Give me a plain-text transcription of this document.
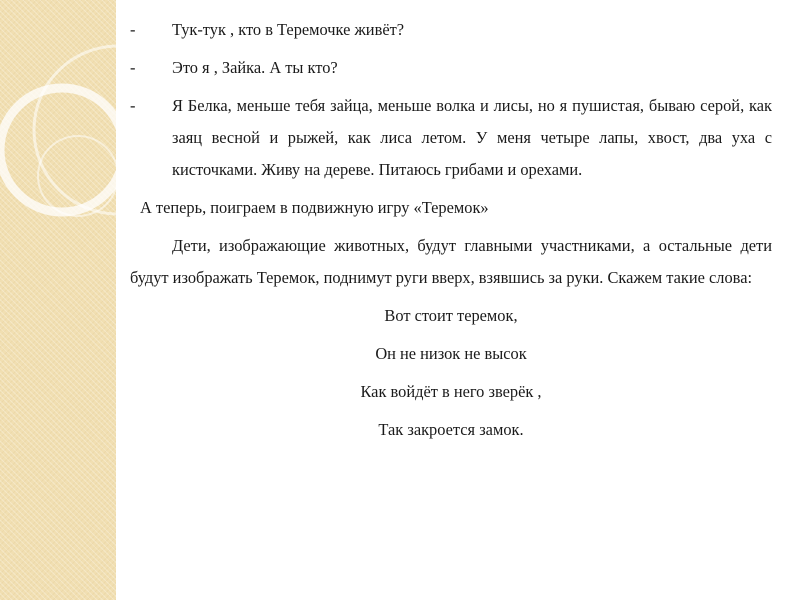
-	Тук-тук , кто в Теремочке живёт?
-	Это я , Зайка. А ты кто?
-	Я Белка, меньше тебя зайца, меньше волка и лисы, но я пушистая, бываю серой, как заяц весной и рыжей, как лиса летом. У меня четыре лапы, хвост, два уха с кисточками. Живу на дереве. Питаюсь грибами и орехами.
А теперь, поиграем в подвижную игру «Теремок»
Дети, изображающие животных, будут главными участниками, а остальные дети будут изображать Теремок, поднимут руги вверх, взявшись за руки. Скажем такие слова:
Вот стоит теремок,
Он не низок не высок
Как войдёт в него зверёк ,
Так закроется замок.
